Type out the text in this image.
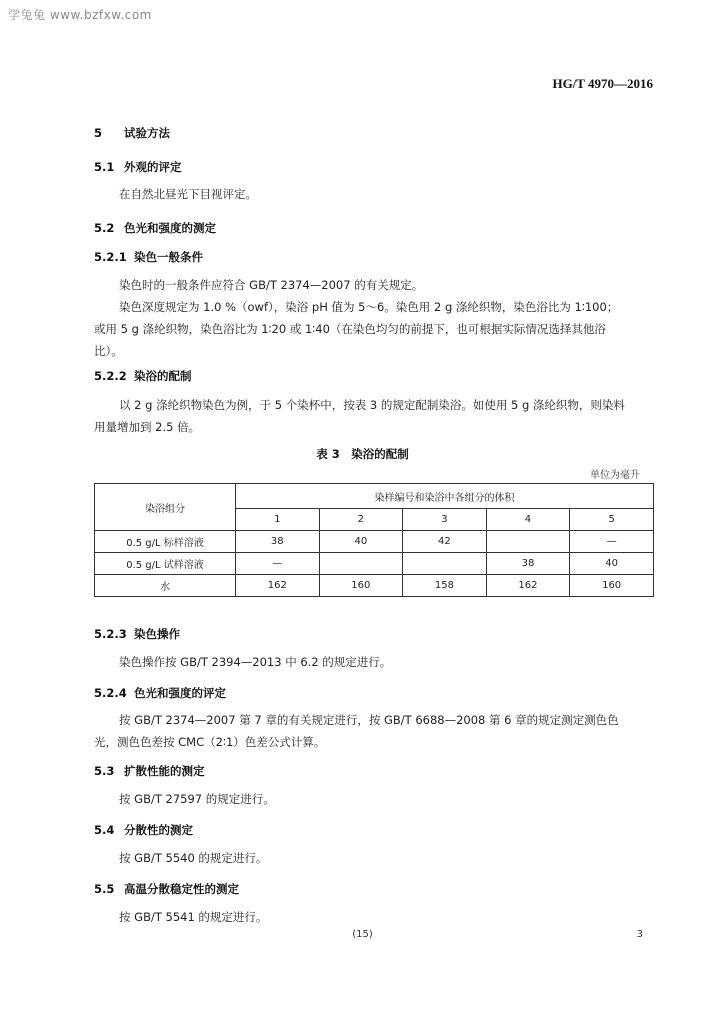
学兔兔 www.bzfxw.com
HG/T 4970—2016
5 试验方法
5.1 外观的评定
在自然北昼光下目视评定。
5.2 色光和强度的测定
5.2.1 染色一般条件
染色时的一般条件应符合 GB/T 2374—2007 的有关规定。
染色深度规定为 1.0 %（owf），染浴 pH 值为 5～6。染色用 2 g 涤纶织物，染色浴比为 1∶100；或用 5 g 涤纶织物，染色浴比为 1∶20 或 1∶40（在染色均匀的前提下，也可根据实际情况选择其他浴比）。
5.2.2 染浴的配制
以 2 g 涤纶织物染色为例，于 5 个染杯中，按表 3 的规定配制染浴。如使用 5 g 涤纶织物，则染料用量增加到 2.5 倍。
表 3　染浴的配制
单位为毫升
染浴组分	染样编号和染浴中各组分的体积				
	1	2	3	4	5
0.5 g/L 标样溶液	38	40	42		—
0.5 g/L 试样溶液	—			38	40
水	162	160	158	162	160
5.2.3 染色操作
染色操作按 GB/T 2394—2013 中 6.2 的规定进行。
5.2.4 色光和强度的评定
按 GB/T 2374—2007 第 7 章的有关规定进行，按 GB/T 6688—2008 第 6 章的规定测定测色色光，测色色差按 CMC（2∶1）色差公式计算。
5.3 扩散性能的测定
按 GB/T 27597 的规定进行。
5.4 分散性的测定
按 GB/T 5540 的规定进行。
5.5 高温分散稳定性的测定
按 GB/T 5541 的规定进行。
(15)	3
